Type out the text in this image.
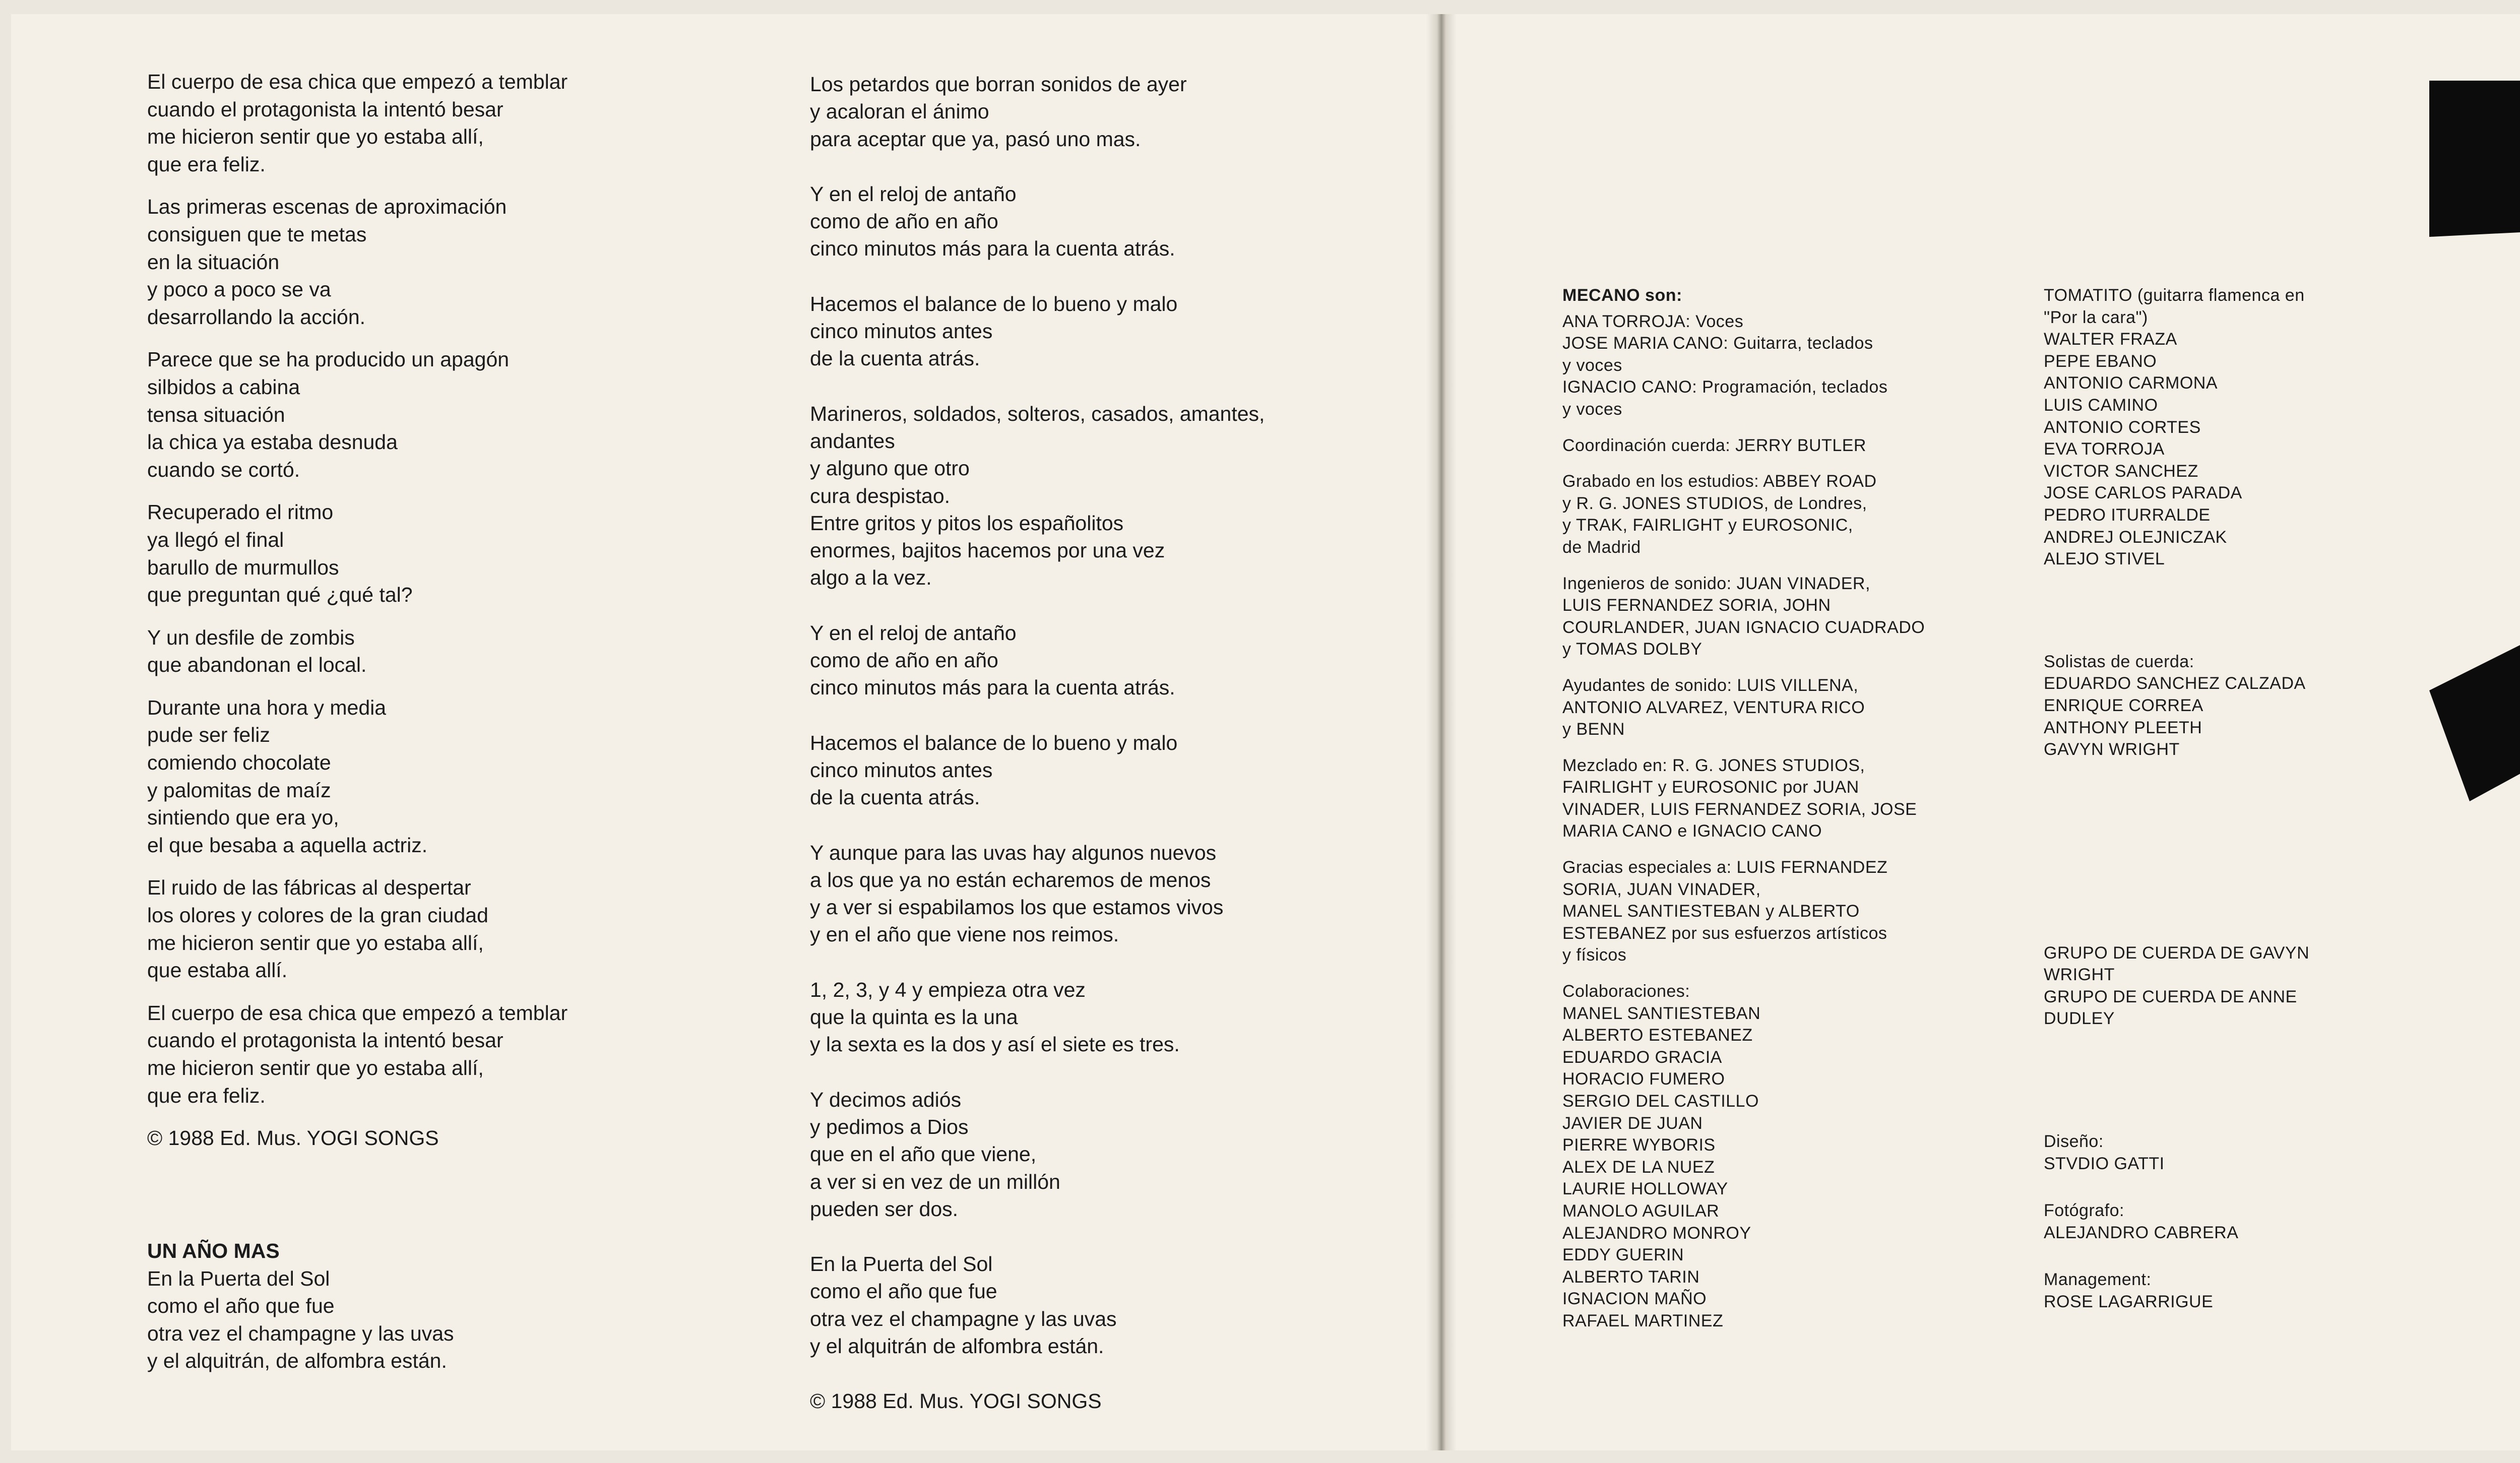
El cuerpo de esa chica que empezó a temblar
cuando el protagonista la intentó besar
me hicieron sentir que yo estaba allí,
que era feliz.

Las primeras escenas de aproximación
consiguen que te metas
en la situación
y poco a poco se va
desarrollando la acción.

Parece que se ha producido un apagón
silbidos a cabina
tensa situación
la chica ya estaba desnuda
cuando se cortó.

Recuperado el ritmo
ya llegó el final
barullo de murmullos
que preguntan qué ¿qué tal?

Y un desfile de zombis
que abandonan el local.

Durante una hora y media
pude ser feliz
comiendo chocolate
y palomitas de maíz
sintiendo que era yo,
el que besaba a aquella actriz.

El ruido de las fábricas al despertar
los olores y colores de la gran ciudad
me hicieron sentir que yo estaba allí,
que estaba allí.

El cuerpo de esa chica que empezó a temblar
cuando el protagonista la intentó besar
me hicieron sentir que yo estaba allí,
que era feliz.

© 1988 Ed. Mus. YOGI SONGS

UN AÑO MAS
En la Puerta del Sol
como el año que fue
otra vez el champagne y las uvas
y el alquitrán, de alfombra están.

Los petardos que borran sonidos de ayer
y acaloran el ánimo
para aceptar que ya, pasó uno mas.

Y en el reloj de antaño
como de año en año
cinco minutos más para la cuenta atrás.

Hacemos el balance de lo bueno y malo
cinco minutos antes
de la cuenta atrás.

Marineros, soldados, solteros, casados, amantes,
andantes
y alguno que otro
cura despistao.
Entre gritos y pitos los españolitos
enormes, bajitos hacemos por una vez
algo a la vez.

Y en el reloj de antaño
como de año en año
cinco minutos más para la cuenta atrás.

Hacemos el balance de lo bueno y malo
cinco minutos antes
de la cuenta atrás.

Y aunque para las uvas hay algunos nuevos
a los que ya no están echaremos de menos
y a ver si espabilamos los que estamos vivos
y en el año que viene nos reimos.

1, 2, 3, y 4 y empieza otra vez
que la quinta es la una
y la sexta es la dos y así el siete es tres.

Y decimos adiós
y pedimos a Dios
que en el año que viene,
a ver si en vez de un millón
pueden ser dos.

En la Puerta del Sol
como el año que fue
otra vez el champagne y las uvas
y el alquitrán de alfombra están.

© 1988 Ed. Mus. YOGI SONGS

MECANO son:

ANA TORROJA: Voces
JOSE MARIA CANO: Guitarra, teclados
y voces
IGNACIO CANO: Programación, teclados
y voces

Coordinación cuerda: JERRY BUTLER

Grabado en los estudios: ABBEY ROAD
y R. G. JONES STUDIOS, de Londres,
y TRAK, FAIRLIGHT y EUROSONIC,
de Madrid

Ingenieros de sonido: JUAN VINADER,
LUIS FERNANDEZ SORIA, JOHN
COURLANDER, JUAN IGNACIO CUADRADO
y TOMAS DOLBY

Ayudantes de sonido: LUIS VILLENA,
ANTONIO ALVAREZ, VENTURA RICO
y BENN

Mezclado en: R. G. JONES STUDIOS,
FAIRLIGHT y EUROSONIC por JUAN
VINADER, LUIS FERNANDEZ SORIA, JOSE
MARIA CANO e IGNACIO CANO

Gracias especiales a: LUIS FERNANDEZ
SORIA, JUAN VINADER,
MANEL SANTIESTEBAN y ALBERTO
ESTEBANEZ por sus esfuerzos artísticos
y físicos

Colaboraciones:
MANEL SANTIESTEBAN
ALBERTO ESTEBANEZ
EDUARDO GRACIA
HORACIO FUMERO
SERGIO DEL CASTILLO
JAVIER DE JUAN
PIERRE WYBORIS
ALEX DE LA NUEZ
LAURIE HOLLOWAY
MANOLO AGUILAR
ALEJANDRO MONROY
EDDY GUERIN
ALBERTO TARIN
IGNACION MAÑO
RAFAEL MARTINEZ

TOMATITO (guitarra flamenca en
"Por la cara")
WALTER FRAZA
PEPE EBANO
ANTONIO CARMONA
LUIS CAMINO
ANTONIO CORTES
EVA TORROJA
VICTOR SANCHEZ
JOSE CARLOS PARADA
PEDRO ITURRALDE
ANDREJ OLEJNICZAK
ALEJO STIVEL

Solistas de cuerda:
EDUARDO SANCHEZ CALZADA
ENRIQUE CORREA
ANTHONY PLEETH
GAVYN WRIGHT

GRUPO DE CUERDA DE GAVYN
WRIGHT
GRUPO DE CUERDA DE ANNE
DUDLEY

Diseño:
STVDIO GATTI

Fotógrafo:
ALEJANDRO CABRERA

Management:
ROSE LAGARRIGUE
